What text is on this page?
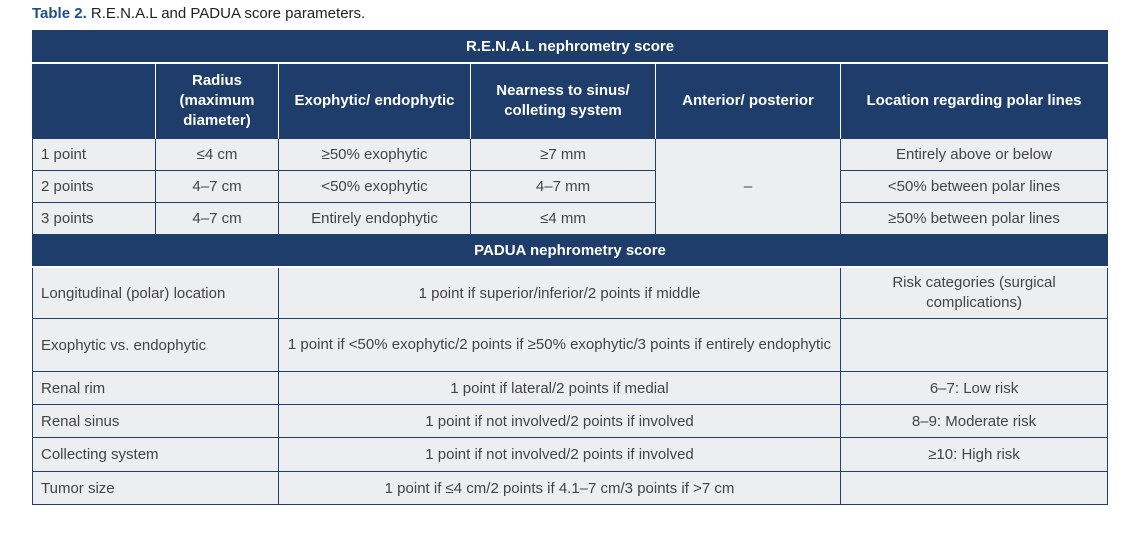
Table 2. R.E.N.A.L and PADUA score parameters.
R.E.N.A.L nephrometry score					
	Radius (maximum diameter)	Exophytic/ endophytic	Nearness to sinus/ colleting system	Anterior/ posterior	Location regarding polar lines
1 point	≤4 cm	≥50% exophytic	≥7 mm	–	Entirely above or below
2 points	4–7 cm	<50% exophytic	4–7 mm		<50% between polar lines
3 points	4–7 cm	Entirely endophytic	≤4 mm		≥50% between polar lines
PADUA nephrometry score					
Longitudinal (polar) location		1 point if superior/inferior/2 points if middle			Risk categories (surgical complications)
Exophytic vs. endophytic		1 point if <50% exophytic/2 points if ≥50% exophytic/3 points if entirely endophytic			
Renal rim		1 point if lateral/2 points if medial			6–7: Low risk
Renal sinus		1 point if not involved/2 points if involved			8–9: Moderate risk
Collecting system		1 point if not involved/2 points if involved			≥10: High risk
Tumor size		1 point if ≤4 cm/2 points if 4.1–7 cm/3 points if >7 cm			
